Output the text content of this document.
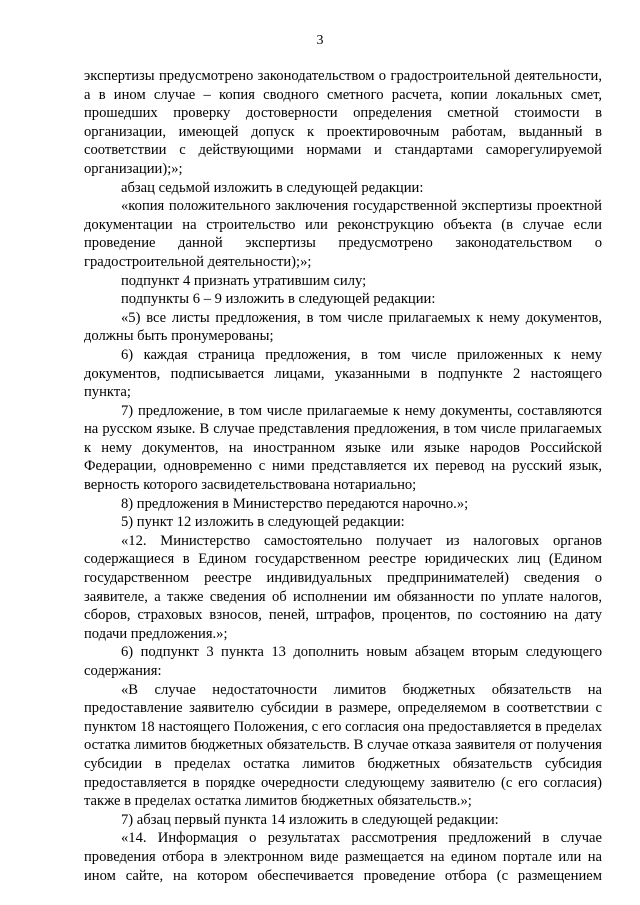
3

экспертизы предусмотрено законодательством о градостроительной деятельности, а в ином случае – копия сводного сметного расчета, копии локальных смет, прошедших проверку достоверности определения сметной стоимости в организации, имеющей допуск к проектировочным работам, выданный в соответствии с действующими нормами и стандартами саморегулируемой организации);»;

абзац седьмой изложить в следующей редакции:

«копия положительного заключения государственной экспертизы проектной документации на строительство или реконструкцию объекта (в случае если проведение данной экспертизы предусмотрено законодательством о градостроительной деятельности);»;

подпункт 4 признать утратившим силу;

подпункты 6 – 9 изложить в следующей редакции:

«5) все листы предложения, в том числе прилагаемых к нему документов, должны быть пронумерованы;

6) каждая страница предложения, в том числе приложенных к нему документов, подписывается лицами, указанными в подпункте 2 настоящего пункта;

7) предложение, в том числе прилагаемые к нему документы, составляются на русском языке. В случае представления предложения, в том числе прилагаемых к нему документов, на иностранном языке или языке народов Российской Федерации, одновременно с ними представляется их перевод на русский язык, верность которого засвидетельствована нотариально;

8) предложения в Министерство передаются нарочно.»;

5) пункт 12 изложить в следующей редакции:

«12. Министерство самостоятельно получает из налоговых органов содержащиеся в Едином государственном реестре юридических лиц (Едином государственном реестре индивидуальных предпринимателей) сведения о заявителе, а также сведения об исполнении им обязанности по уплате налогов, сборов, страховых взносов, пеней, штрафов, процентов, по состоянию на дату подачи предложения.»;

6) подпункт 3 пункта 13 дополнить новым абзацем вторым следующего содержания:

«В случае недостаточности лимитов бюджетных обязательств на предоставление заявителю субсидии в размере, определяемом в соответствии с пунктом 18 настоящего Положения, с его согласия она предоставляется в пределах остатка лимитов бюджетных обязательств. В случае отказа заявителя от получения субсидии в пределах остатка лимитов бюджетных обязательств субсидия предоставляется в порядке очередности следующему заявителю (с его согласия) также в пределах остатка лимитов бюджетных обязательств.»;

7) абзац первый пункта 14 изложить в следующей редакции:

«14. Информация о результатах рассмотрения предложений в случае проведения отбора в электронном виде размещается на едином портале или на ином сайте, на котором обеспечивается проведение отбора (с размещением
